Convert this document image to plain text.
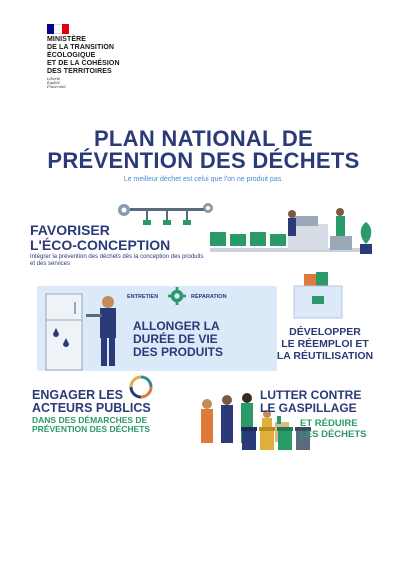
MINISTÈRE
DE LA TRANSITION
ÉCOLOGIQUE
ET DE LA COHÉSION
DES TERRITOIRES
Liberté
Égalité
Fraternité
PLAN NATIONAL DE
PRÉVENTION DES DÉCHETS
Le meilleur déchet est celui que l'on ne produit pas.
FAVORISER
L'ÉCO-CONCEPTION
Intégrer la prévention des déchets dès la conception des produits et des services
ENTRETIEN	RÉPARATION
ALLONGER LA
DURÉE DE VIE
DES PRODUITS
DÉVELOPPER
LE RÉEMPLOI ET
LA RÉUTILISATION
ENGAGER LES
ACTEURS PUBLICS
DANS DES DÉMARCHES DE
PRÉVENTION DES DÉCHETS
LUTTER CONTRE
LE GASPILLAGE
ET RÉDUIRE
LES DÉCHETS
